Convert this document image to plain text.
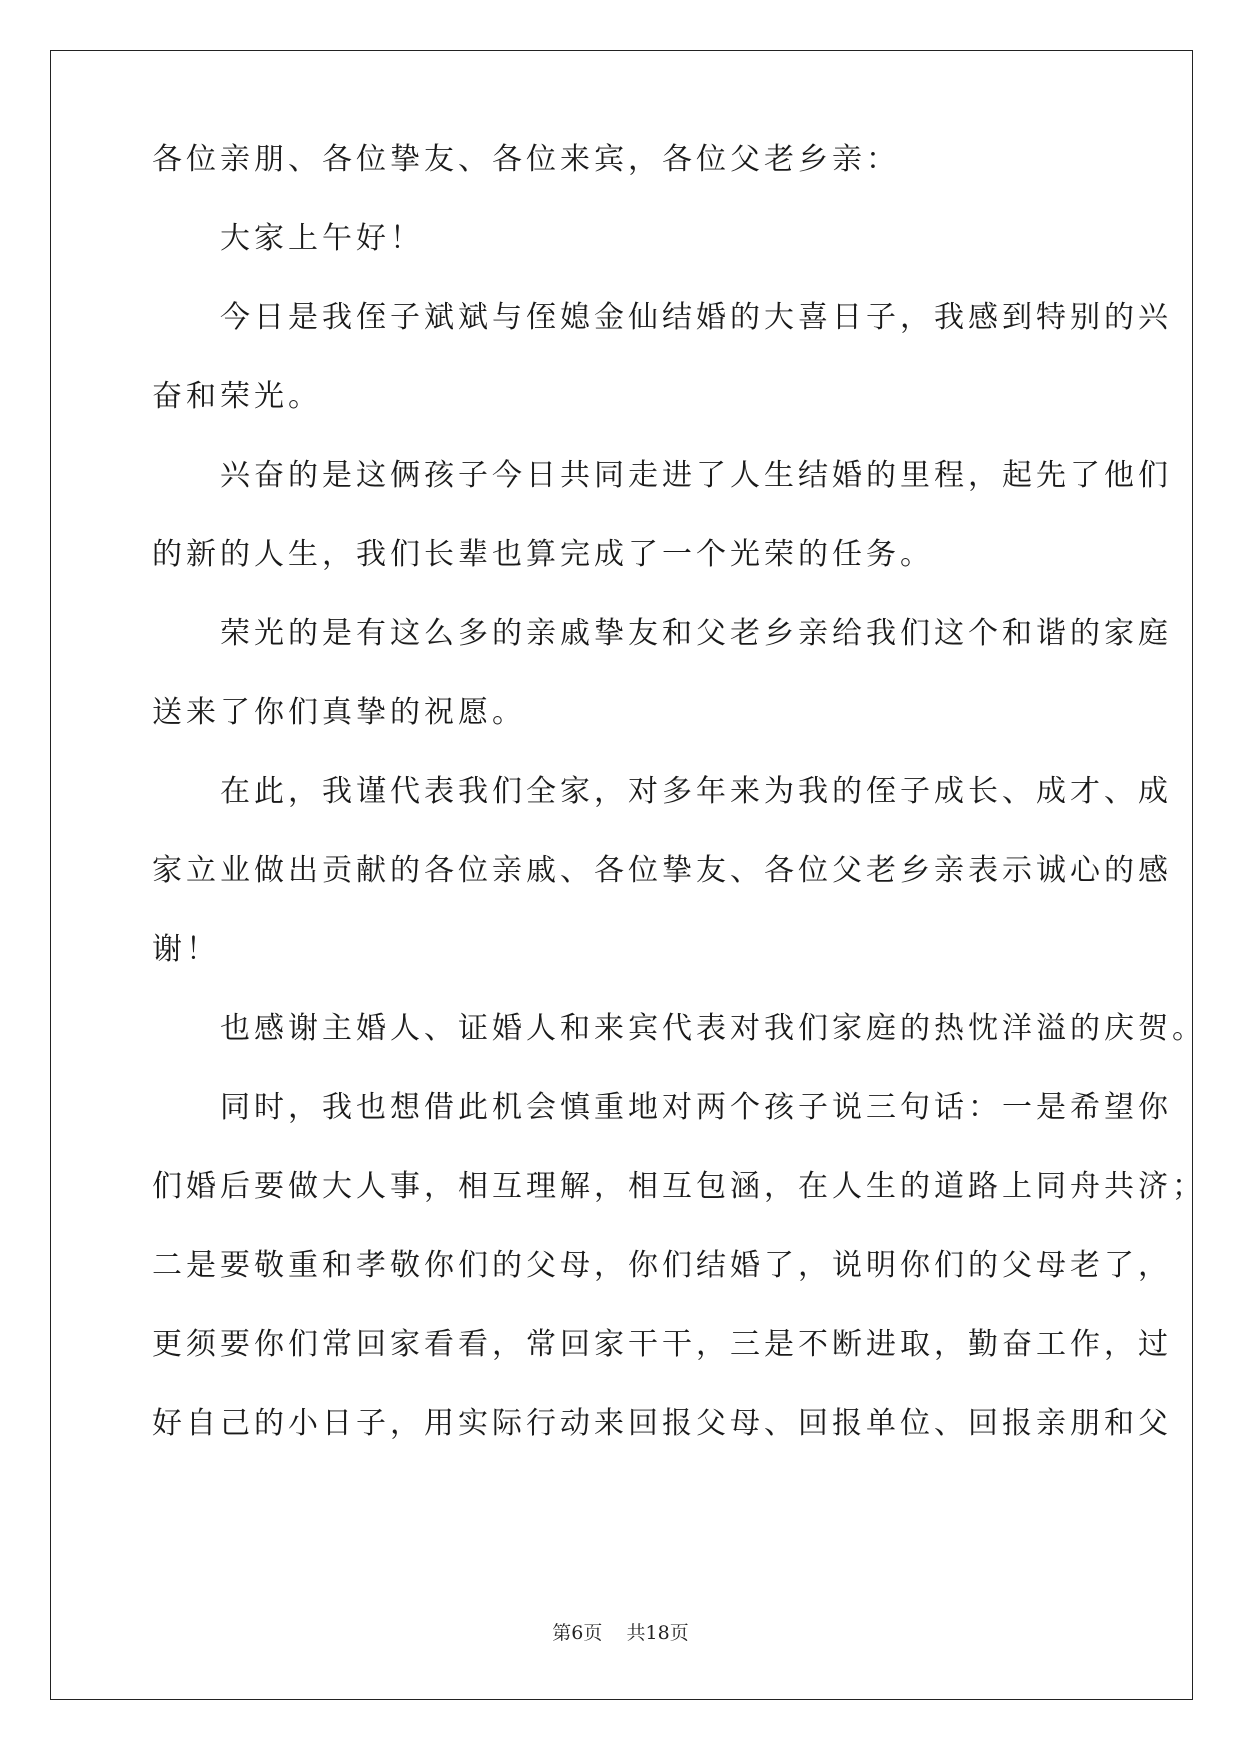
各位亲朋、各位挚友、各位来宾，各位父老乡亲：
　　大家上午好！
　　今日是我侄子斌斌与侄媳金仙结婚的大喜日子，我感到特别的兴
奋和荣光。
　　兴奋的是这俩孩子今日共同走进了人生结婚的里程，起先了他们
的新的人生，我们长辈也算完成了一个光荣的任务。
　　荣光的是有这么多的亲戚挚友和父老乡亲给我们这个和谐的家庭
送来了你们真挚的祝愿。
　　在此，我谨代表我们全家，对多年来为我的侄子成长、成才、成
家立业做出贡献的各位亲戚、各位挚友、各位父老乡亲表示诚心的感
谢！
　　也感谢主婚人、证婚人和来宾代表对我们家庭的热忱洋溢的庆贺。
　　同时，我也想借此机会慎重地对两个孩子说三句话：一是希望你
们婚后要做大人事，相互理解，相互包涵，在人生的道路上同舟共济；
二是要敬重和孝敬你们的父母，你们结婚了，说明你们的父母老了，
更须要你们常回家看看，常回家干干，三是不断进取，勤奋工作，过
好自己的小日子，用实际行动来回报父母、回报单位、回报亲朋和父
第6页 共18页
